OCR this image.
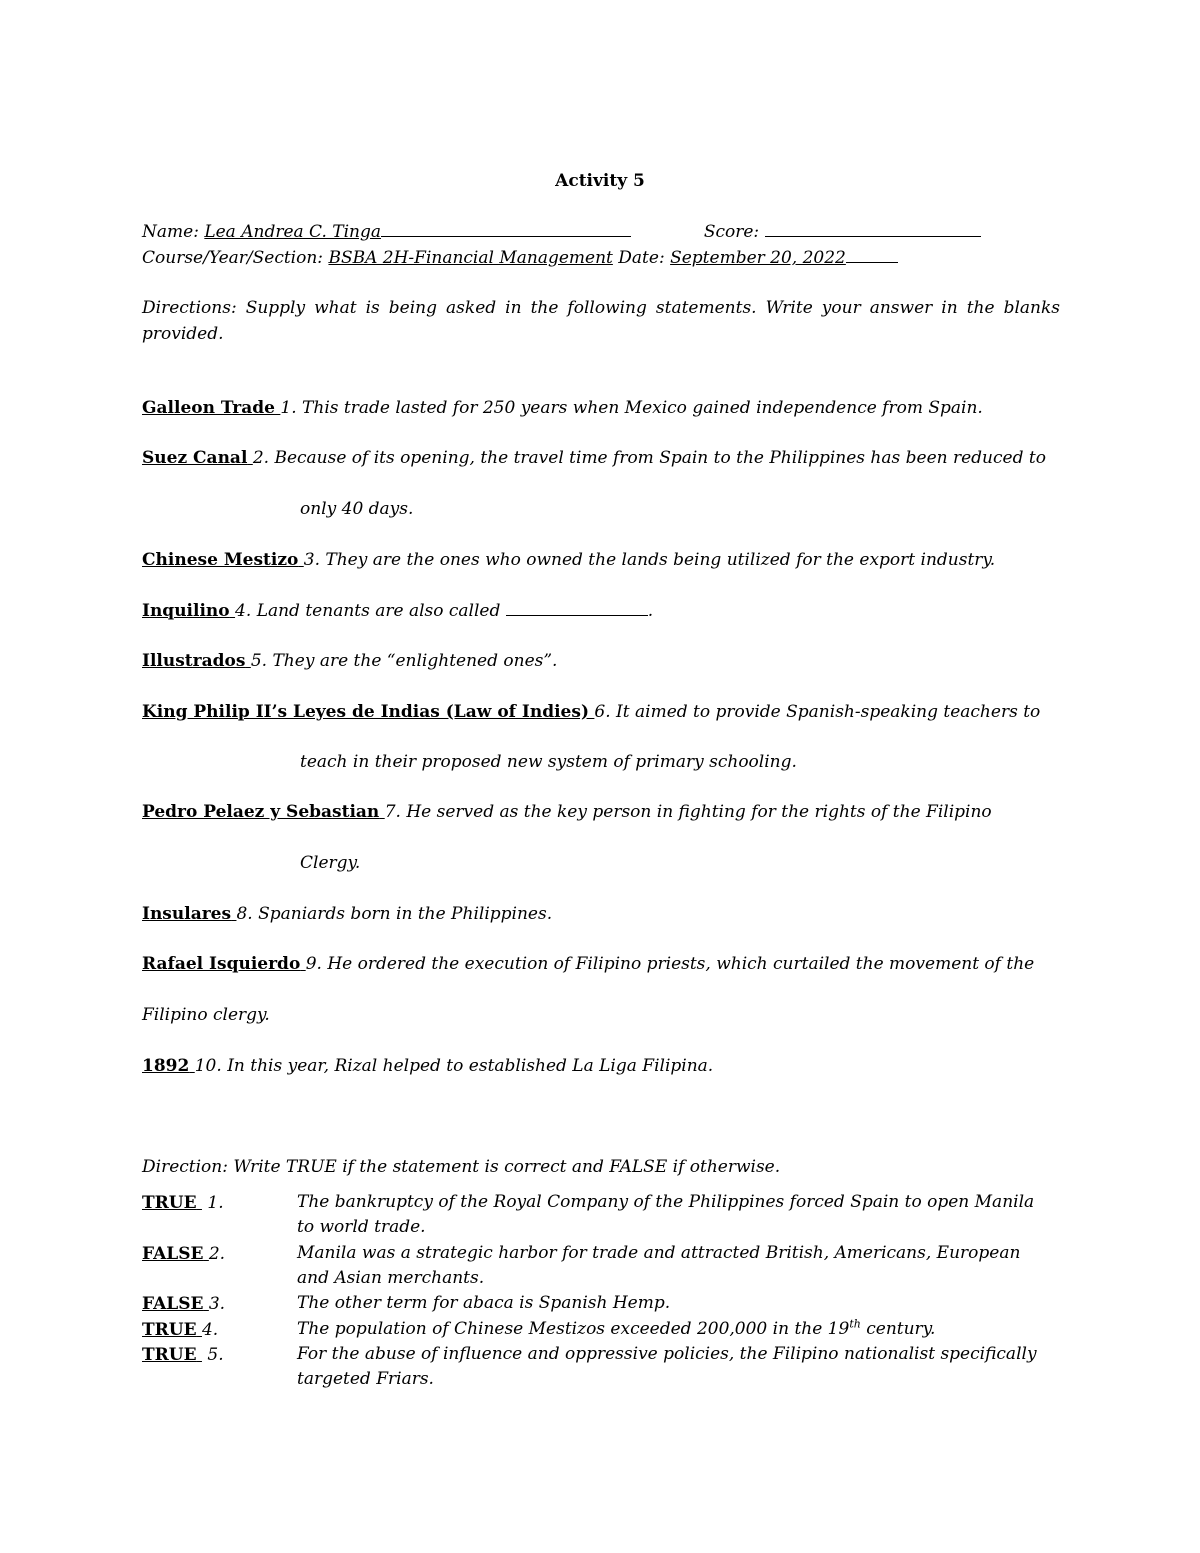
Activity 5
Name: Lea Andrea C. Tinga	Score:
Course/Year/Section: BSBA 2H-Financial Management Date: September 20, 2022
Directions: Supply what is being asked in the following statements. Write your answer in the blanks
provided.
Galleon Trade 1. This trade lasted for 250 years when Mexico gained independence from Spain.
Suez Canal 2. Because of its opening, the travel time from Spain to the Philippines has been reduced to
only 40 days.
Chinese Mestizo 3. They are the ones who owned the lands being utilized for the export industry.
Inquilino 4. Land tenants are also called	.
Illustrados 5. They are the “enlightened ones”.
King Philip II’s Leyes de Indias (Law of Indies) 6. It aimed to provide Spanish-speaking teachers to
teach in their proposed new system of primary schooling.
Pedro Pelaez y Sebastian 7. He served as the key person in fighting for the rights of the Filipino
Clergy.
Insulares 8. Spaniards born in the Philippines.
Rafael Isquierdo 9. He ordered the execution of Filipino priests, which curtailed the movement of the
Filipino clergy.
1892 10. In this year, Rizal helped to established La Liga Filipina.
Direction: Write TRUE if the statement is correct and FALSE if otherwise.
TRUE 1.	The bankruptcy of the Royal Company of the Philippines forced Spain to open Manila
to world trade.
FALSE 2.	Manila was a strategic harbor for trade and attracted British, Americans, European
and Asian merchants.
FALSE 3.	The other term for abaca is Spanish Hemp.
TRUE 4.	The population of Chinese Mestizos exceeded 200,000 in the 19th century.
TRUE 5.	For the abuse of influence and oppressive policies, the Filipino nationalist specifically
targeted Friars.
